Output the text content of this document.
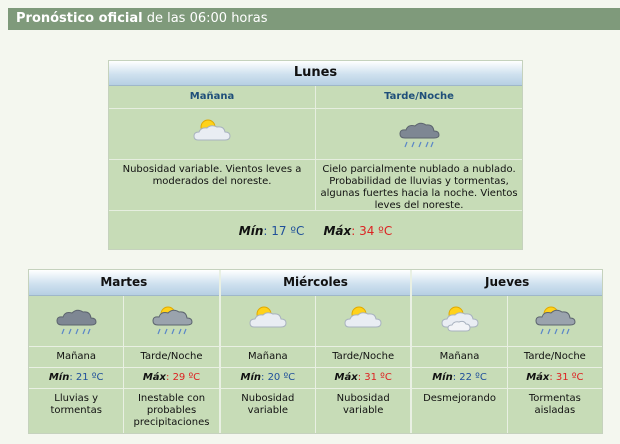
Pronóstico oficial de las 06:00 horas
Lunes
Mañana
Nubosidad variable. Vientos leves a moderados del noreste.
Tarde/Noche
Cielo parcialmente nublado a nublado. Probabilidad de lluvias y tormentas, algunas fuertes hacia la noche. Vientos leves del noreste.
Mín: 17 ºC Máx: 34 ºC
Martes
Mañana
Mín: 21 ºC
Lluvias y tormentas
Tarde/Noche
Máx: 29 ºC
Inestable con probables precipitaciones
Miércoles
Mañana
Mín: 20 ºC
Nubosidad variable
Tarde/Noche
Máx: 31 ºC
Nubosidad variable
Jueves
Mañana
Mín: 22 ºC
Desmejorando
Tarde/Noche
Máx: 31 ºC
Tormentas aisladas
